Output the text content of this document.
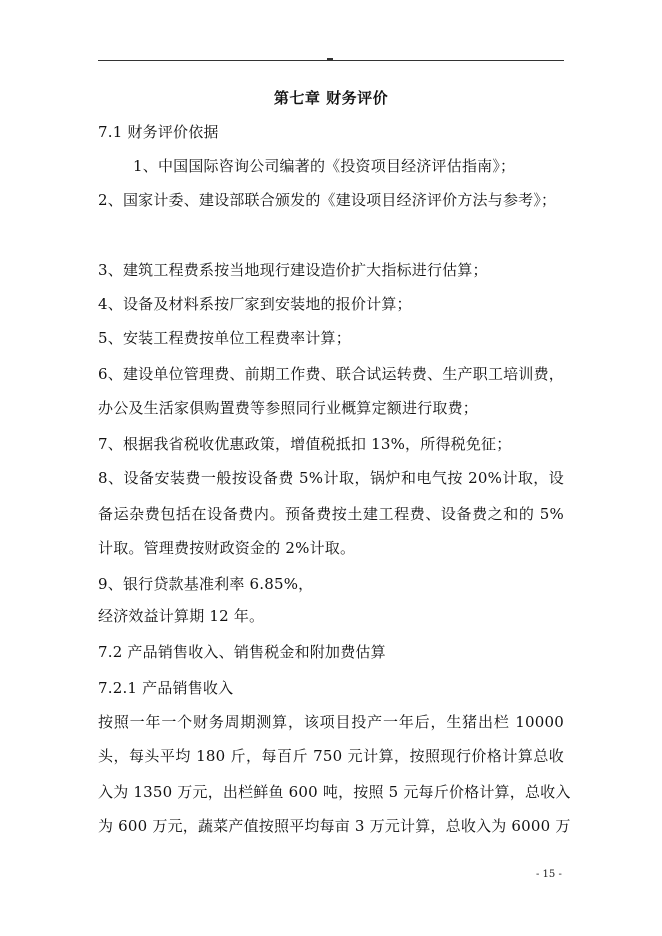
第七章 财务评价
7.1 财务评价依据
1、中国国际咨询公司编著的《投资项目经济评估指南》；
2、国家计委、建设部联合颁发的《建设项目经济评价方法与参考》；
3、建筑工程费系按当地现行建设造价扩大指标进行估算；
4、设备及材料系按厂家到安装地的报价计算；
5、安装工程费按单位工程费率计算；
6、建设单位管理费、前期工作费、联合试运转费、生产职工培训费，
办公及生活家俱购置费等参照同行业概算定额进行取费；
7、根据我省税收优惠政策，增值税抵扣 13%，所得税免征；
8、设备安装费一般按设备费 5%计取，锅炉和电气按 20%计取，设
备运杂费包括在设备费内。预备费按土建工程费、设备费之和的 5%
计取。管理费按财政资金的 2%计取。
9、银行贷款基准利率 6.85%，
经济效益计算期 12 年。
7.2 产品销售收入、销售税金和附加费估算
7.2.1 产品销售收入
按照一年一个财务周期测算，该项目投产一年后，生猪出栏 10000
头，每头平均 180 斤，每百斤 750 元计算，按照现行价格计算总收
入为 1350 万元，出栏鲜鱼 600 吨，按照 5 元每斤价格计算，总收入
为 600 万元，蔬菜产值按照平均每亩 3 万元计算，总收入为 6000 万
- 15 -
